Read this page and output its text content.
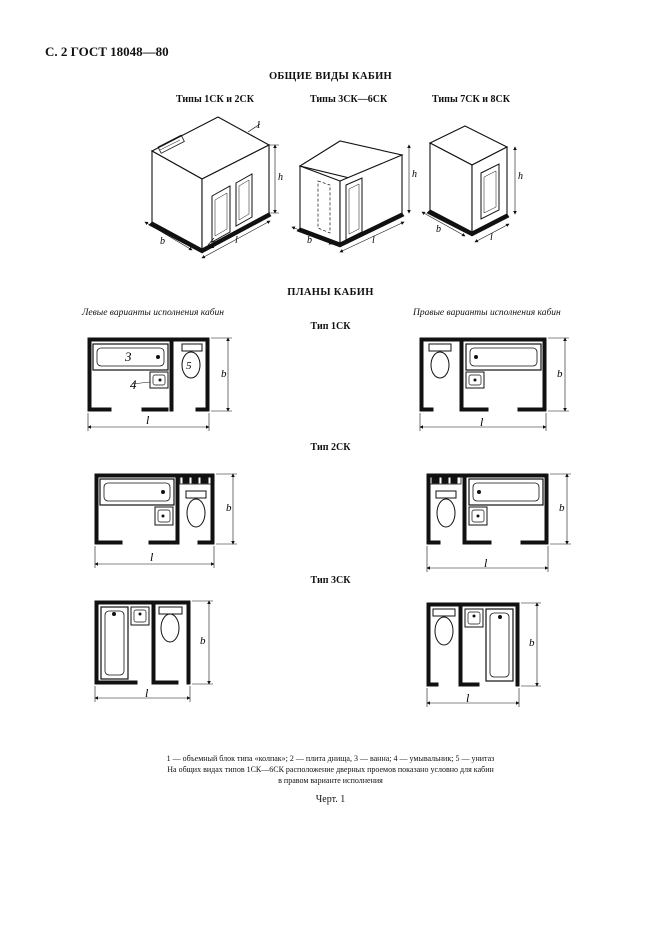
С. 2 ГОСТ 18048—80
ОБЩИЕ ВИДЫ КАБИН
Типы 1СК и 2СК	Типы 3СК—6СК	Типы 7СК и 8СК
ПЛАНЫ КАБИН
Левые варианты исполнения кабин	Правые варианты исполнения кабин
Тип 1СК
Тип 2СК
Тип 3СК
1 — объемный блок типа «колпак»; 2 — плита днища, 3 — ванна; 4 — умывальник; 5 — унитаз
На общих видах типов 1СК—6СК расположение дверных проемов показано условно для кабин
в правом варианте исполнения
Черт. 1
1
h
b	2 l
h
b	l
h
b
l
3
4
5
l
b
l
b
l
b
l
b
l
b
l
b
